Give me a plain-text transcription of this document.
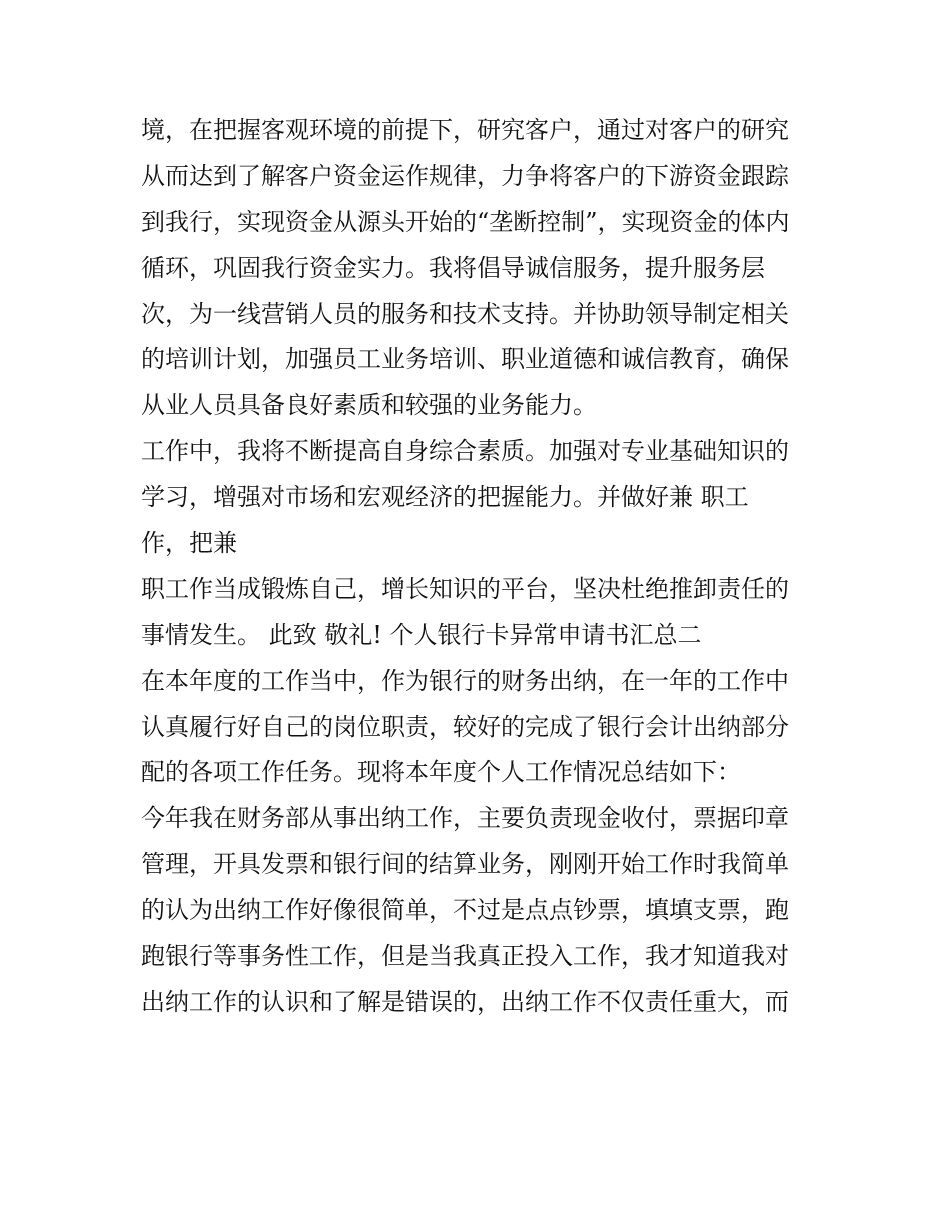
境，在把握客观环境的前提下，研究客户，通过对客户的研究
从而达到了解客户资金运作规律，力争将客户的下游资金跟踪
到我行，实现资金从源头开始的“垄断控制”，实现资金的体内
循环，巩固我行资金实力。我将倡导诚信服务，提升服务层
次，为一线营销人员的服务和技术支持。并协助领导制定相关
的培训计划，加强员工业务培训、职业道德和诚信教育，确保
从业人员具备良好素质和较强的业务能力。
工作中，我将不断提高自身综合素质。加强对专业基础知识的
学习，增强对市场和宏观经济的把握能力。并做好兼 职工
作，把兼
职工作当成锻炼自己，增长知识的平台，坚决杜绝推卸责任的
事情发生。 此致 敬礼! 个人银行卡异常申请书汇总二
在本年度的工作当中，作为银行的财务出纳，在一年的工作中
认真履行好自己的岗位职责，较好的完成了银行会计出纳部分
配的各项工作任务。现将本年度个人工作情况总结如下：
今年我在财务部从事出纳工作，主要负责现金收付，票据印章
管理，开具发票和银行间的结算业务，刚刚开始工作时我简单
的认为出纳工作好像很简单，不过是点点钞票，填填支票，跑
跑银行等事务性工作，但是当我真正投入工作，我才知道我对
出纳工作的认识和了解是错误的，出纳工作不仅责任重大，而
